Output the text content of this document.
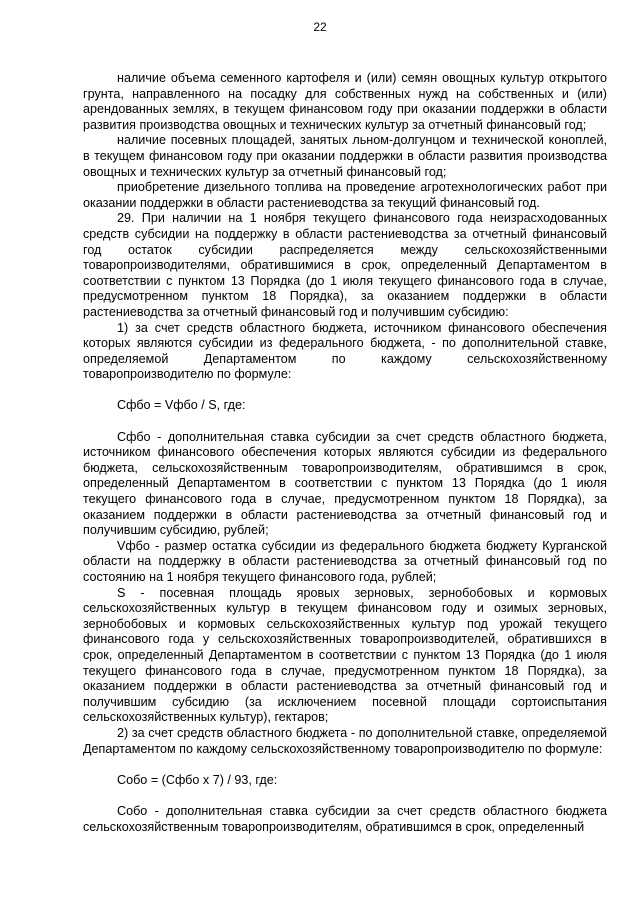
22

наличие объема семенного картофеля и (или) семян овощных культур открытого грунта, направленного на посадку для собственных нужд на собственных и (или) арендованных землях, в текущем финансовом году при оказании поддержки в области развития производства овощных и технических культур за отчетный финансовый год;

наличие посевных площадей, занятых льном-долгунцом и технической коноплей, в текущем финансовом году при оказании поддержки в области развития производства овощных и технических культур за отчетный финансовый год;

приобретение дизельного топлива на проведение агротехнологических работ при оказании поддержки в области растениеводства за текущий финансовый год.

29. При наличии на 1 ноября текущего финансового года неизрасходованных средств субсидии на поддержку в области растениеводства за отчетный финансовый год остаток субсидии распределяется между сельскохозяйственными товаропроизводителями, обратившимися в срок, определенный Департаментом в соответствии с пунктом 13 Порядка (до 1 июля текущего финансового года в случае, предусмотренном пунктом 18 Порядка), за оказанием поддержки в области растениеводства за отчетный финансовый год и получившим субсидию:

1) за счет средств областного бюджета, источником финансового обеспечения которых являются субсидии из федерального бюджета, - по дополнительной ставке, определяемой Департаментом по каждому сельскохозяйственному товаропроизводителю по формуле:

Сфбо = Vфбо / S, где:

Сфбо - дополнительная ставка субсидии за счет средств областного бюджета, источником финансового обеспечения которых являются субсидии из федерального бюджета, сельскохозяйственным товаропроизводителям, обратившимся в срок, определенный Департаментом в соответствии с пунктом 13 Порядка (до 1 июля текущего финансового года в случае, предусмотренном пунктом 18 Порядка), за оказанием поддержки в области растениеводства за отчетный финансовый год и получившим субсидию, рублей;

Vфбо - размер остатка субсидии из федерального бюджета бюджету Курганской области на поддержку в области растениеводства за отчетный финансовый год по состоянию на 1 ноября текущего финансового года, рублей;

S - посевная площадь яровых зерновых, зернобобовых и кормовых сельскохозяйственных культур в текущем финансовом году и озимых зерновых, зернобобовых и кормовых сельскохозяйственных культур под урожай текущего финансового года у сельскохозяйственных товаропроизводителей, обратившихся в срок, определенный Департаментом в соответствии с пунктом 13 Порядка (до 1 июля текущего финансового года в случае, предусмотренном пунктом 18 Порядка), за оказанием поддержки в области растениеводства за отчетный финансовый год и получившим субсидию (за исключением посевной площади сортоиспытания сельскохозяйственных культур), гектаров;

2) за счет средств областного бюджета - по дополнительной ставке, определяемой Департаментом по каждому сельскохозяйственному товаропроизводителю по формуле:

Собо = (Сфбо х 7) / 93, где:

Собо - дополнительная ставка субсидии за счет средств областного бюджета сельскохозяйственным товаропроизводителям, обратившимся в срок, определенный
